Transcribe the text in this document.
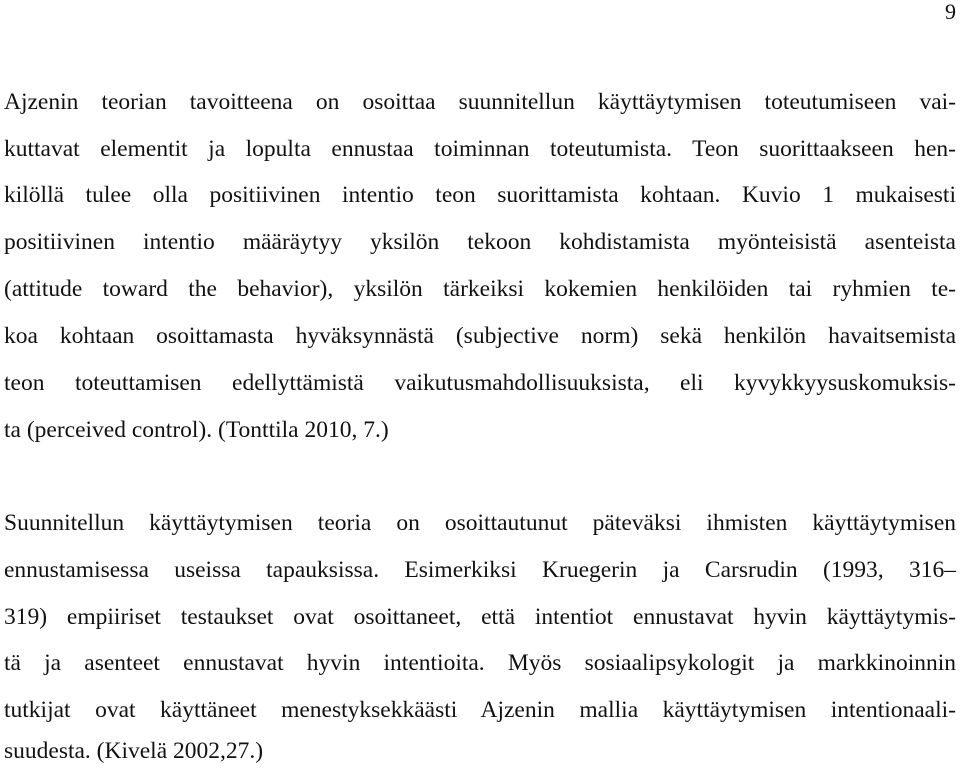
9
Ajzenin teorian tavoitteena on osoittaa suunnitellun käyttäytymisen toteutumiseen vai-
kuttavat elementit ja lopulta ennustaa toiminnan toteutumista. Teon suorittaakseen hen-
kilöllä tulee olla positiivinen intentio teon suorittamista kohtaan. Kuvio 1 mukaisesti
positiivinen intentio määräytyy yksilön tekoon kohdistamista myönteisistä asenteista
(attitude toward the behavior), yksilön tärkeiksi kokemien henkilöiden tai ryhmien te-
koa kohtaan osoittamasta hyväksynnästä (subjective norm) sekä henkilön havaitsemista
teon toteuttamisen edellyttämistä vaikutusmahdollisuuksista, eli kyvykkyysuskomuksis-
ta (perceived control). (Tonttila 2010, 7.)
Suunnitellun käyttäytymisen teoria on osoittautunut päteväksi ihmisten käyttäytymisen
ennustamisessa useissa tapauksissa. Esimerkiksi Kruegerin ja Carsrudin (1993, 316–
319) empiiriset testaukset ovat osoittaneet, että intentiot ennustavat hyvin käyttäytymis-
tä ja asenteet ennustavat hyvin intentioita. Myös sosiaalipsykologit ja markkinoinnin
tutkijat ovat käyttäneet menestyksekkäästi Ajzenin mallia käyttäytymisen intentionaali-
suudesta. (Kivelä 2002,27.)
